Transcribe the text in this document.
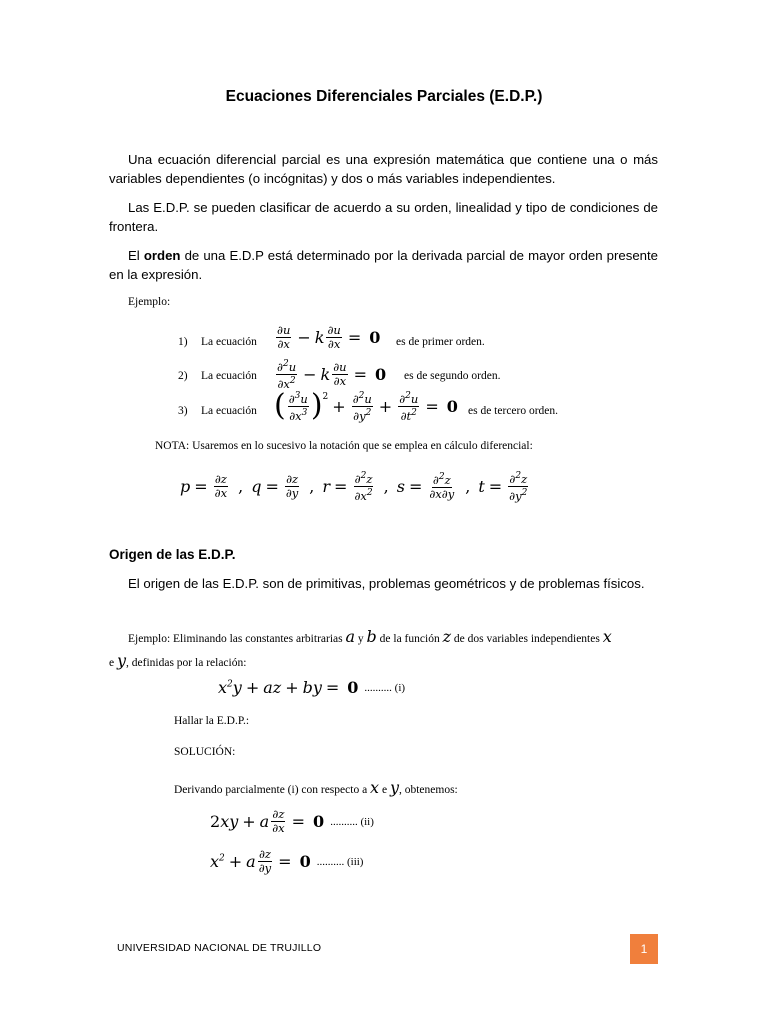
Ecuaciones Diferenciales Parciales (E.D.P.)
Una ecuación diferencial parcial es una expresión matemática que contiene una o más variables dependientes (o incógnitas) y dos o más variables independientes.
Las E.D.P. se pueden clasificar de acuerdo a su orden, linealidad y tipo de condiciones de frontera.
El orden de una E.D.P está determinado por la derivada parcial de mayor orden presente en la expresión.
Ejemplo:
1) La ecuación $\frac{\partial u}{\partial x} - k \frac{\partial u}{\partial x} = 0$ es de primer orden.
2) La ecuación $\frac{\partial^2u}{\partial x^2} - k \frac{\partial u}{\partial x} = 0$ es de segundo orden.
3) La ecuación ( $\frac{\partial^3u}{\partial x^3} )^2 + \frac{\partial^2u}{\partial y^2} + \frac{\partial^2u}{\partial t^2} = 0$ es de tercero orden.
NOTA: Usaremos en lo sucesivo la notación que se emplea en cálculo diferencial:
$p = \frac{\partial z}{\partial x}$ , $q = \frac{\partial z}{\partial y}$ , $r = \frac{\partial^2z}{\partial x^2}$ , $s = \frac{\partial^2z}{\partial x\partial y}$ , $t = \frac{\partial^2z}{\partial y^2}$
Origen de las E.D.P.
El origen de las E.D.P. son de primitivas, problemas geométricos y de problemas físicos.
Ejemplo: Eliminando las constantes arbitrarias a y b de la función z de dos variables independientes x
e y, definidas por la relación:
$x^2y$ + az + by = 0 .......... (i)
Hallar la E.D.P.:
SOLUCIÓN:
Derivando parcialmente (i) con respecto a x e y, obtenemos:
2 xy + a $\frac{\partial z}{\partial x} = 0$ .......... (ii)
$x^2 + a \frac{\partial z}{\partial y} = 0$ .......... (iii)
UNIVERSIDAD NACIONAL DE TRUJILLO	1
